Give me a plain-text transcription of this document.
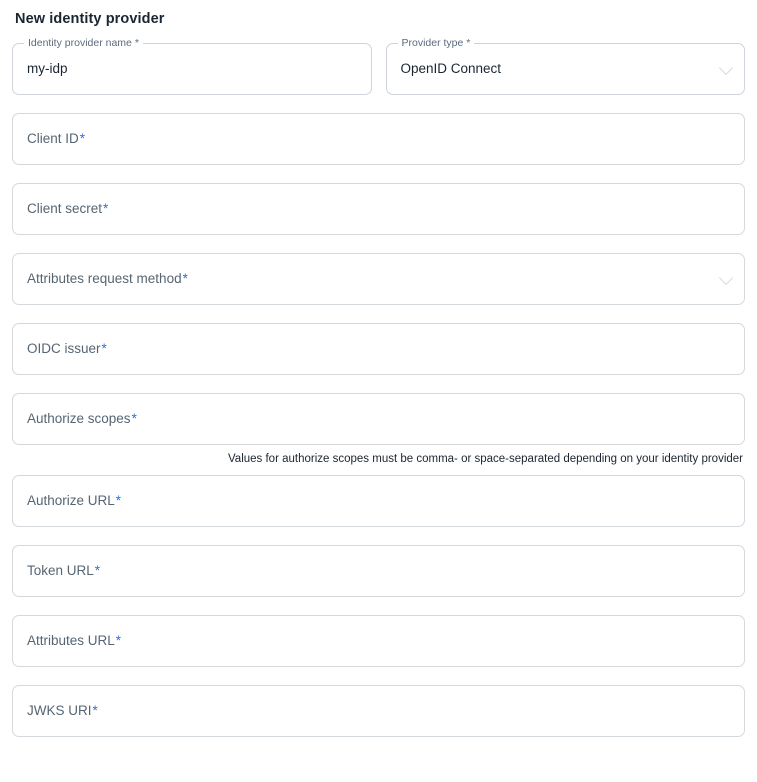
New identity provider
Identity provider name *
my-idp
Provider type *
OpenID Connect
Client ID*
Client secret*
Attributes request method*
OIDC issuer*
Authorize scopes*
Values for authorize scopes must be comma- or space-separated depending on your identity provider
Authorize URL*
Token URL*
Attributes URL*
JWKS URI*
